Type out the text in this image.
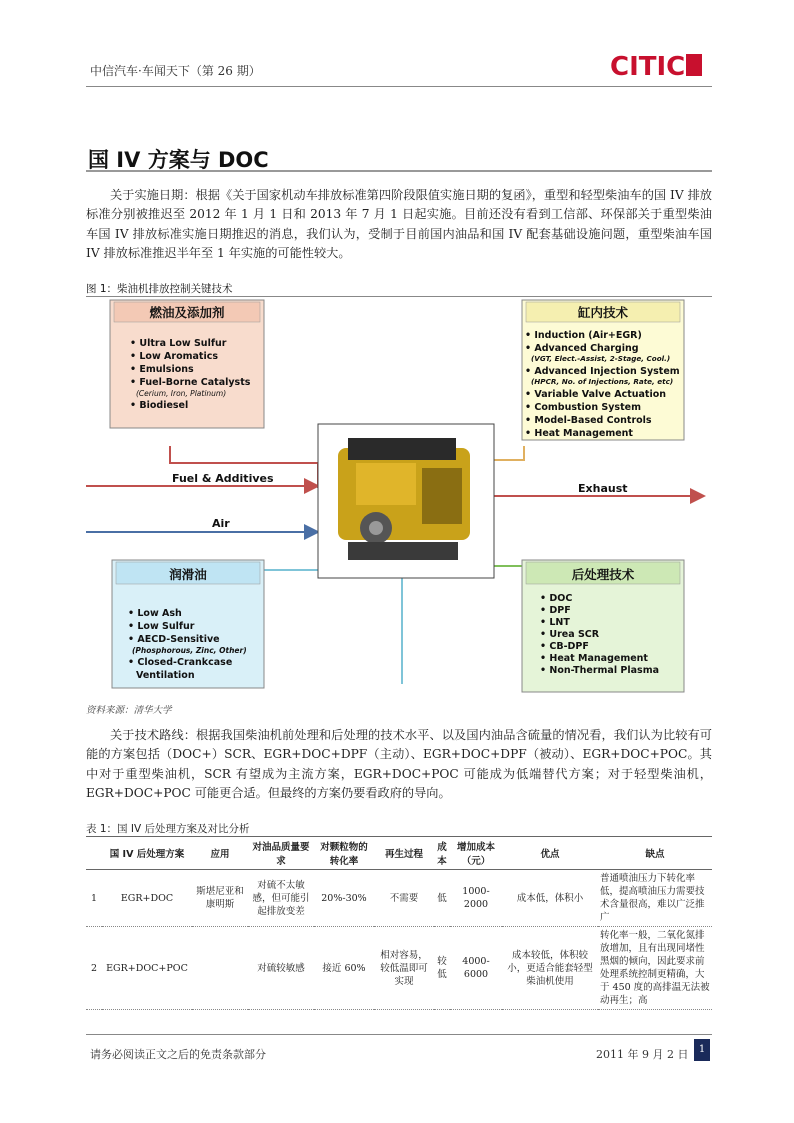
中信汽车·车闻天下（第 26 期）	CITIC
国 IV 方案与 DOC
关于实施日期：根据《关于国家机动车排放标准第四阶段限值实施日期的复函》，重型和轻型柴油车的国 IV 排放标准分别被推迟至 2012 年 1 月 1 日和 2013 年 7 月 1 日起实施。目前还没有看到工信部、环保部关于重型柴油车国 IV 排放标准实施日期推迟的消息，我们认为，受制于目前国内油品和国 IV 配套基础设施问题，重型柴油车国 IV 排放标准推迟半年至 1 年实施的可能性较大。
图 1：柴油机排放控制关键技术
燃油及添加剂
• Ultra Low Sulfur
• Low Aromatics
• Emulsions
• Fuel-Borne Catalysts
(Cerium, Iron, Platinum)
• Biodiesel
缸内技术
• Induction (Air+EGR)
• Advanced Charging
(VGT, Elect.-Assist, 2-Stage, Cool.)
• Advanced Injection System
(HPCR, No. of Injections, Rate, etc)
• Variable Valve Actuation
• Combustion System
• Model-Based Controls
• Heat Management
Fuel & Additives
Air
Exhaust
润滑油
• Low Ash
• Low Sulfur
• AECD-Sensitive
(Phosphorous, Zinc, Other)
• Closed-Crankcase
Ventilation
后处理技术
• DOC
• DPF
• LNT
• Urea SCR
• CB-DPF
• Heat Management
• Non-Thermal Plasma
资料来源：清华大学
关于技术路线：根据我国柴油机前处理和后处理的技术水平、以及国内油品含硫量的情况看，我们认为比较有可能的方案包括（DOC+）SCR、EGR+DOC+DPF（主动）、EGR+DOC+DPF（被动）、EGR+DOC+POC。其中对于重型柴油机，SCR 有望成为主流方案，EGR+DOC+POC 可能成为低端替代方案；对于轻型柴油机，EGR+DOC+POC 可能更合适。但最终的方案仍要看政府的导向。
表 1：国 IV 后处理方案及对比分析
	国 IV 后处理方案	应用	对油品质量要求	对颗粒物的转化率	再生过程	成本	增加成本（元）	优点	缺点
1	EGR+DOC	斯堪尼亚和康明斯	对硫不太敏感，但可能引起排放变差	20%-30%	不需要	低	1000-2000	成本低，体积小	普通喷油压力下转化率低，提高喷油压力需要技术含量很高，难以广泛推广
2	EGR+DOC+POC		对硫较敏感	接近 60%	相对容易，较低温即可实现	较低	4000-6000	成本较低，体积较小，更适合能套轻型柴油机使用	转化率一般，二氧化氮排放增加，且有出现同堵性黑烟的倾向，因此要求前处理系统控制更精确，大于 450 度的高排温无法被动再生；高
请务必阅读正文之后的免责条款部分	2011 年 9 月 2 日	1
